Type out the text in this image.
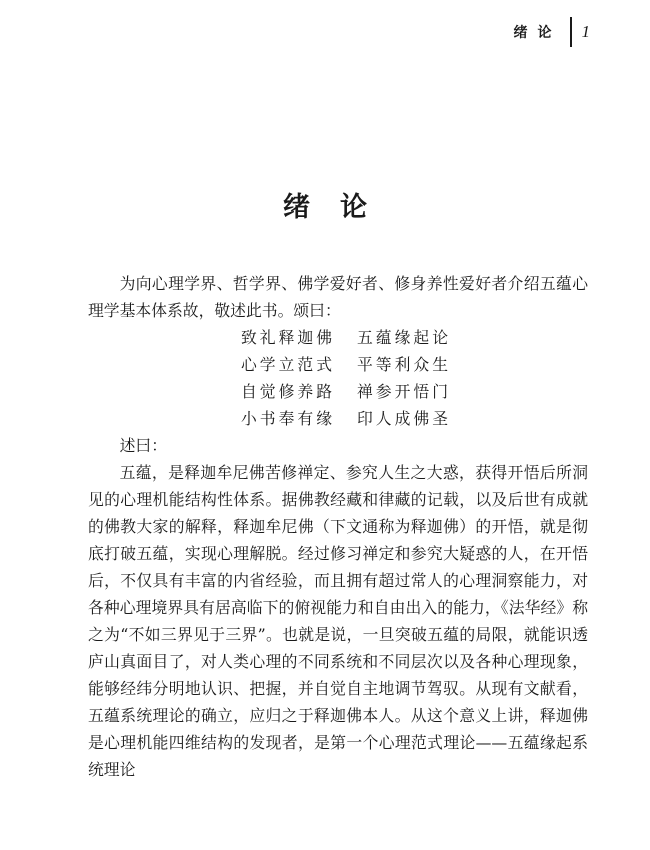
绪论 1
绪论

为向心理学界、哲学界、佛学爱好者、修身养性爱好者介绍五蕴心理学基本体系故，敬述此书。颂曰：

致礼释迦佛 五蕴缘起论
心学立范式 平等利众生
自觉修养路 禅参开悟门
小书奉有缘 印人成佛圣

述曰：

五蕴，是释迦牟尼佛苦修禅定、参究人生之大惑，获得开悟后所洞见的心理机能结构性体系。据佛教经藏和律藏的记载，以及后世有成就的佛教大家的解释，释迦牟尼佛（下文通称为释迦佛）的开悟，就是彻底打破五蕴，实现心理解脱。经过修习禅定和参究大疑惑的人，在开悟后，不仅具有丰富的内省经验，而且拥有超过常人的心理洞察能力，对各种心理境界具有居高临下的俯视能力和自由出入的能力，《法华经》称之为“不如三界见于三界”。也就是说，一旦突破五蕴的局限，就能识透庐山真面目了，对人类心理的不同系统和不同层次以及各种心理现象，能够经纬分明地认识、把握，并自觉自主地调节驾驭。从现有文献看，五蕴系统理论的确立，应归之于释迦佛本人。从这个意义上讲，释迦佛是心理机能四维结构的发现者，是第一个心理范式理论——五蕴缘起系统理论
